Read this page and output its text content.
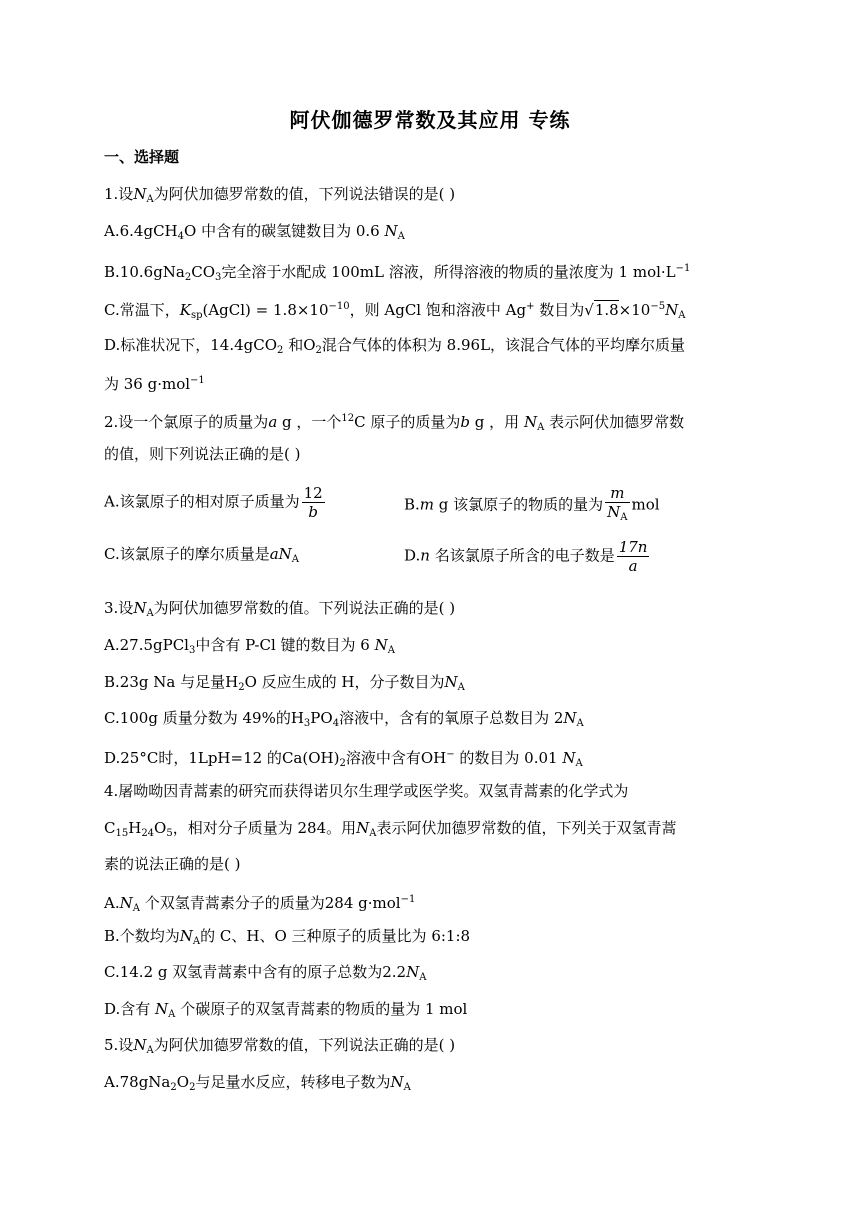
阿伏伽德罗常数及其应用 专练
一、选择题
1.设$N_A$为阿伏加德罗常数的值，下列说法错误的是( )
A.6.4gCH$_4$O 中含有的碳氢键数目为 0.6 $N_A$
$B.10.6gNa_2CO_3$完全溶于水配成 100mL 溶液，所得溶液的物质的量浓度为 1 $mol\cdot L^{-1}$
C.常温下，$K_{sp}(AgCl) = 1.8\times 10^{-10}$，则 AgCl 饱和溶液中 Ag+ 数目为$√1.8\times 10^{-5}N_A$
D.标准状况下，14.4gCO$_2$ 和$O_2$混合气体的体积为 8.96L，该混合气体的平均摩尔质量
为 36 g·mol$^{-1}$
2.设一个氯原子的质量为a g ，一个$^{12}$C 原子的质量为b g ，用 $N_A$ 表示阿伏加德罗常数
的值，则下列说法正确的是( )
A.该氯原子的相对原子质量为 $\frac{12}{b}$	B.m g 该氯原子的物质的量为 $\frac{m}{N_A}$ mol
C.该氯原子的摩尔质量是$aN_A$	D.n 名该氯原子所含的电子数是 $\frac{17n}{a}$
3.设$N_A$为阿伏加德罗常数的值。下列说法正确的是( )
A.27.5gPCl$_3$中含有 P-Cl 键的数目为 6 $N_A$
B.23g Na 与足量$H_2O$ 反应生成的 H，分子数目为$N_A$
C.100g 质量分数为 49%的$H_3PO_4$溶液中，含有的氧原子总数目为 $2N_A$
D.25°C时，1LpH=12 的$Ca(OH)_2$溶液中含有OH− 的数目为 0.01 $N_A$
4.屠呦呦因青蒿素的研究而获得诺贝尔生理学或医学奖。双氢青蒿素的化学式为
$C_{15}H_{24}O_5$，相对分子质量为 284。用$N_A$表示阿伏加德罗常数的值，下列关于双氢青蒿
素的说法正确的是( )
$A.N_A$ 个双氢青蒿素分子的质量为284 g·mol$^{-1}$
B.个数均为$N_A$的 C、H、O 三种原子的质量比为 6:1:8
C.14.2 g 双氢青蒿素中含有的原子总数为$2.2N_A$
D.含有 $N_A$ 个碳原子的双氢青蒿素的物质的量为 1 mol
5.设$N_A$为阿伏加德罗常数的值，下列说法正确的是( )
$A.78gNa_2O_2$与足量水反应，转移电子数为$N_A$
